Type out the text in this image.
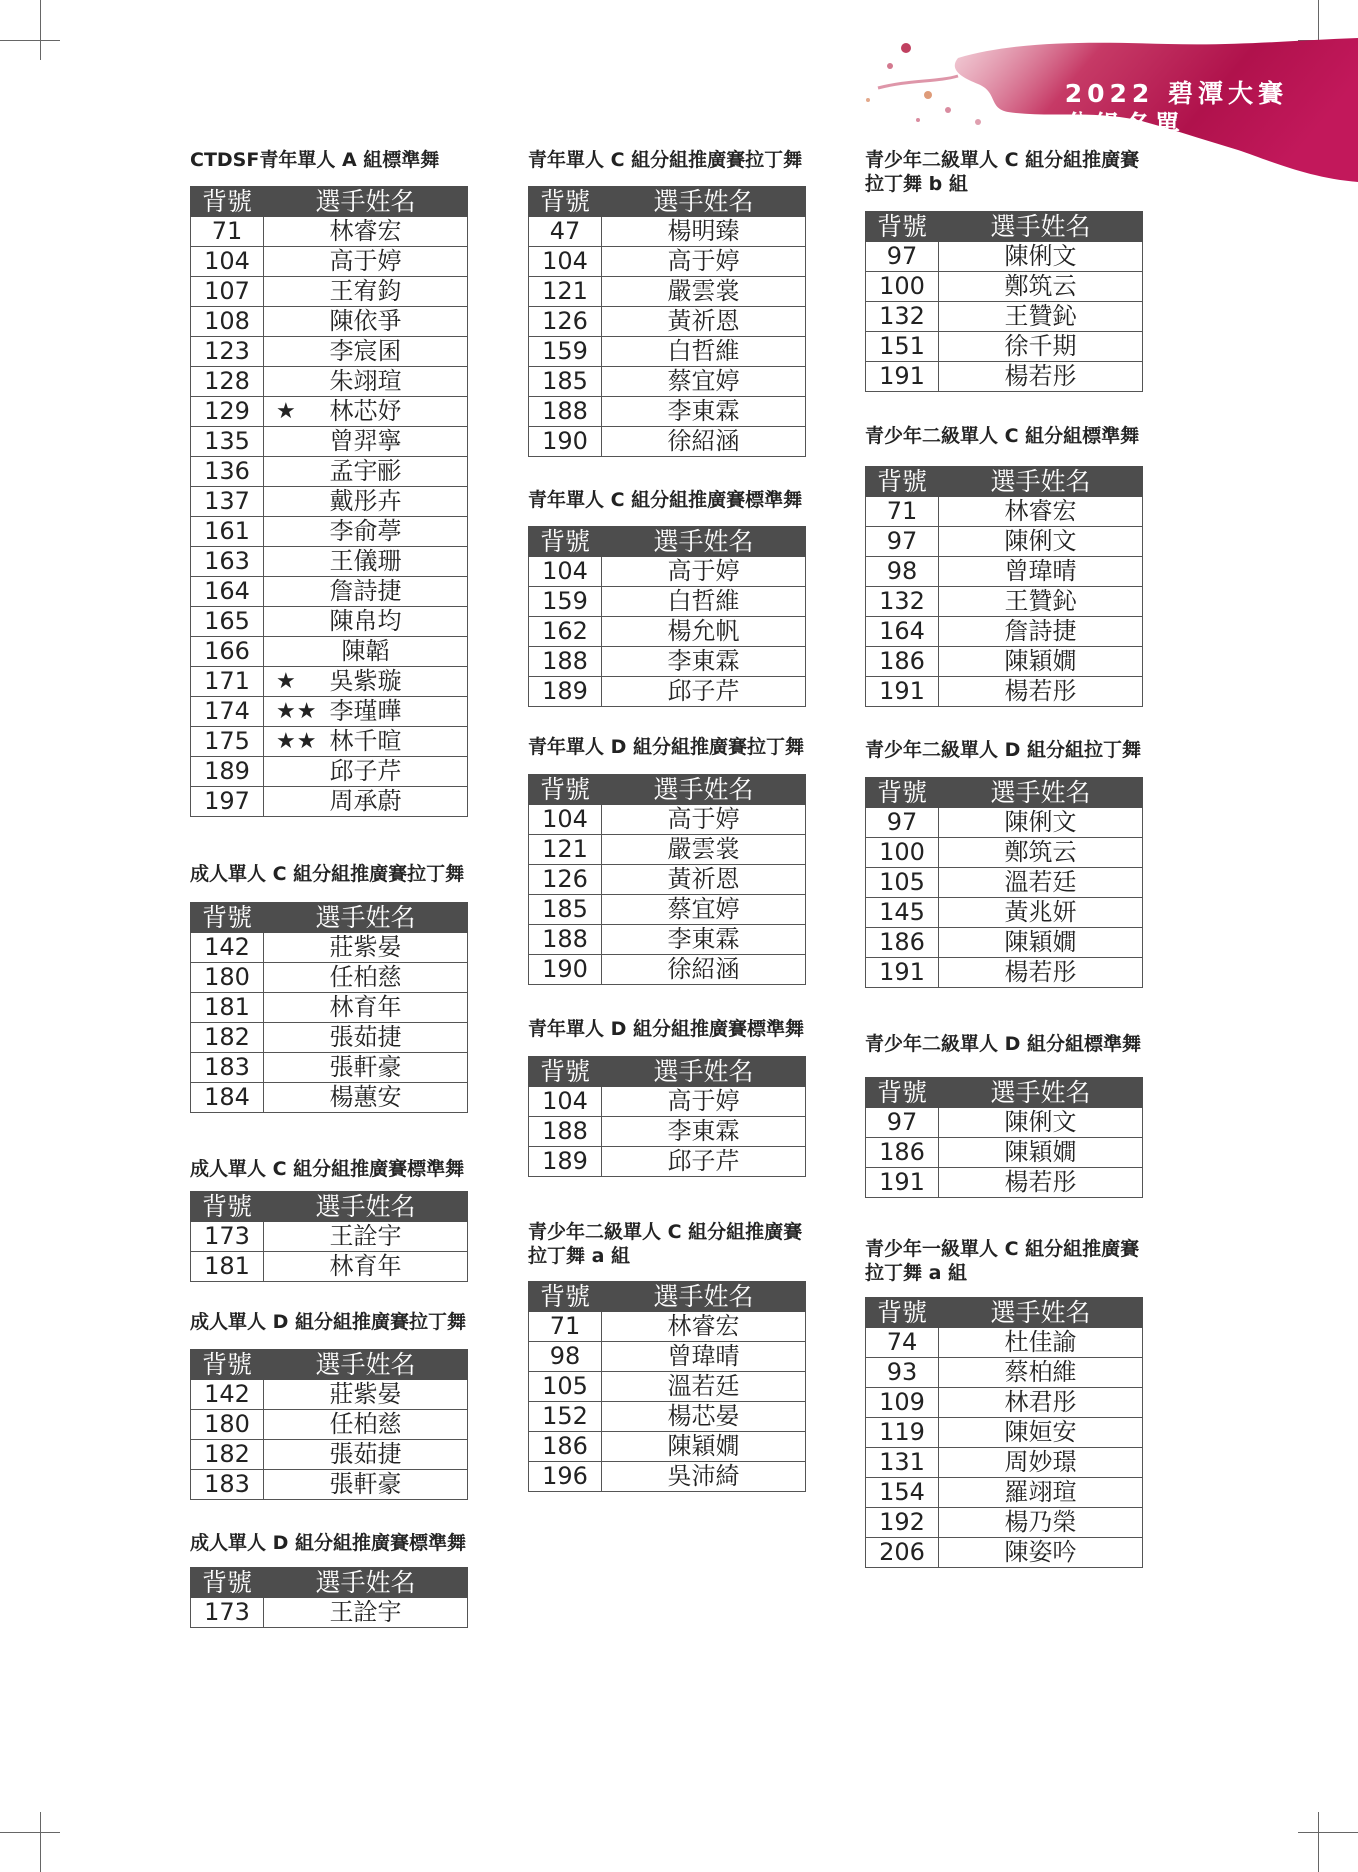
2022 碧潭大賽
分組名單
CTDSF青年單人 A 組標準舞
背號	選手姓名
71	林睿宏
104	高于婷
107	王宥鈞
108	陳依爭
123	李宸囷
128	朱翊瑄
129	★ 林芯妤
135	曾羿寧
136	孟宇彨
137	戴彤卉
161	李俞葶
163	王儀珊
164	詹詩捷
165	陳帛均
166	陳韜
171	★ 吳紫璇
174	★★ 李瑾曄
175	★★ 林千暄
189	邱子芹
197	周承蔚
成人單人 C 組分組推廣賽拉丁舞
背號	選手姓名
142	莊紫晏
180	任柏慈
181	林育年
182	張茹捷
183	張軒豪
184	楊蕙安
成人單人 C 組分組推廣賽標準舞
背號	選手姓名
173	王詮宇
181	林育年
成人單人 D 組分組推廣賽拉丁舞
背號	選手姓名
142	莊紫晏
180	任柏慈
182	張茹捷
183	張軒豪
成人單人 D 組分組推廣賽標準舞
背號	選手姓名
173	王詮宇
青年單人 C 組分組推廣賽拉丁舞
背號	選手姓名
47	楊明臻
104	高于婷
121	嚴雲裳
126	黃祈恩
159	白哲維
185	蔡宜婷
188	李東霖
190	徐紹涵
青年單人 C 組分組推廣賽標準舞
背號	選手姓名
104	高于婷
159	白哲維
162	楊允帆
188	李東霖
189	邱子芹
青年單人 D 組分組推廣賽拉丁舞
背號	選手姓名
104	高于婷
121	嚴雲裳
126	黃祈恩
185	蔡宜婷
188	李東霖
190	徐紹涵
青年單人 D 組分組推廣賽標準舞
背號	選手姓名
104	高于婷
188	李東霖
189	邱子芹
青少年二級單人 C 組分組推廣賽
拉丁舞 a 組
背號	選手姓名
71	林睿宏
98	曾瑋晴
105	溫若廷
152	楊芯晏
186	陳穎嫺
196	吳沛綺
青少年二級單人 C 組分組推廣賽
拉丁舞 b 組
背號	選手姓名
97	陳俐文
100	鄭筑云
132	王贊鈊
151	徐千期
191	楊若彤
青少年二級單人 C 組分組標準舞
背號	選手姓名
71	林睿宏
97	陳俐文
98	曾瑋晴
132	王贊鈊
164	詹詩捷
186	陳穎嫺
191	楊若彤
青少年二級單人 D 組分組拉丁舞
背號	選手姓名
97	陳俐文
100	鄭筑云
105	溫若廷
145	黃兆妍
186	陳穎嫺
191	楊若彤
青少年二級單人 D 組分組標準舞
背號	選手姓名
97	陳俐文
186	陳穎嫺
191	楊若彤
青少年一級單人 C 組分組推廣賽
拉丁舞 a 組
背號	選手姓名
74	杜佳諭
93	蔡柏維
109	林君彤
119	陳姮安
131	周妙璟
154	羅翊瑄
192	楊乃榮
206	陳姿吟
